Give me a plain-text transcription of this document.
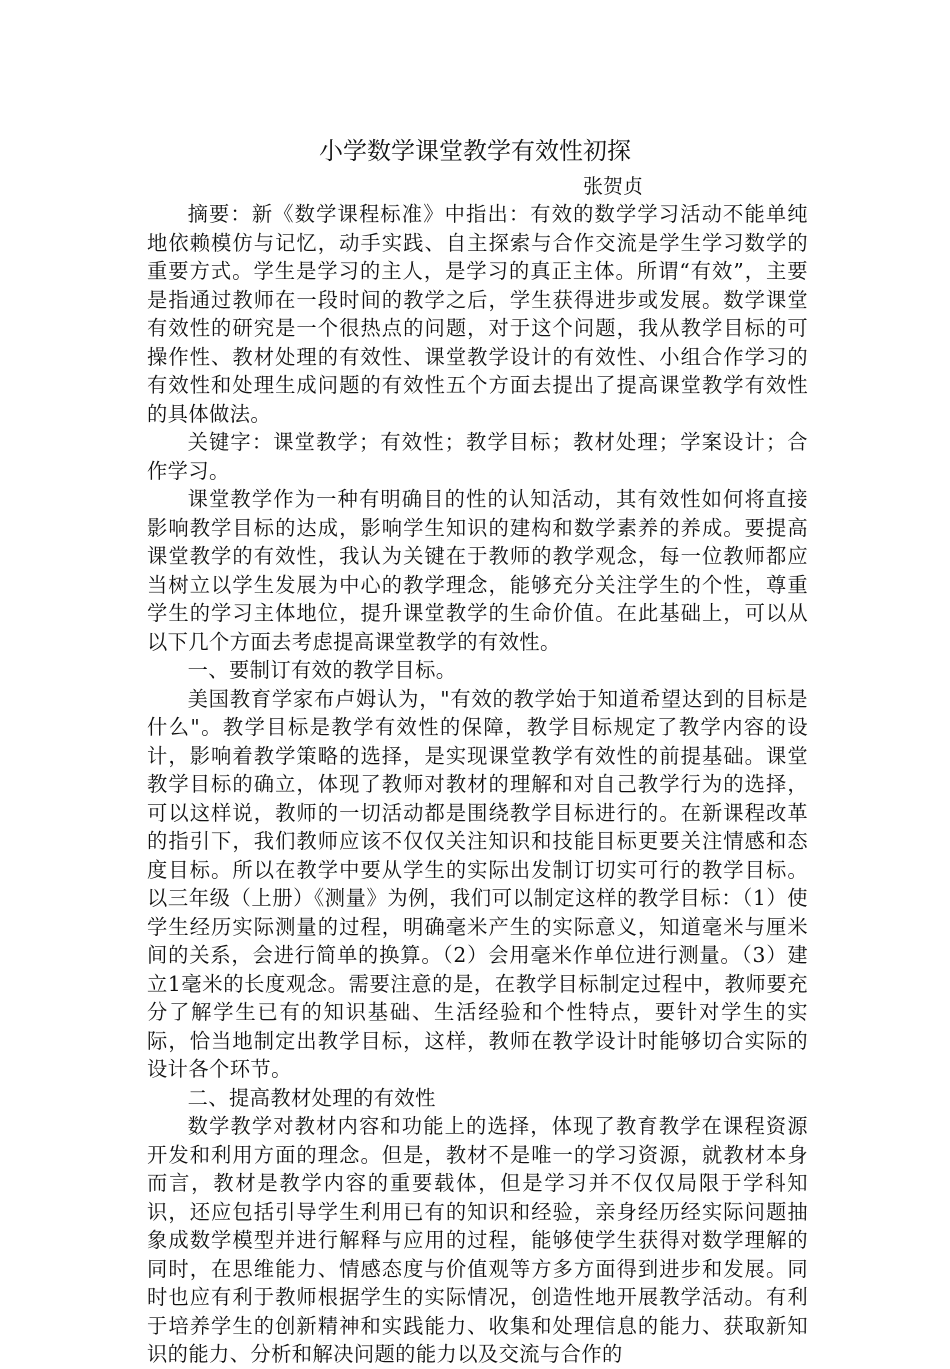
小学数学课堂教学有效性初探
张贺贞

摘要：新《数学课程标准》中指出：有效的数学学习活动不能单纯地依赖模仿与记忆，动手实践、自主探索与合作交流是学生学习数学的重要方式。学生是学习的主人，是学习的真正主体。所谓“有效”，主要是指通过教师在一段时间的教学之后，学生获得进步或发展。数学课堂有效性的研究是一个很热点的问题，对于这个问题，我从教学目标的可操作性、教材处理的有效性、课堂教学设计的有效性、小组合作学习的有效性和处理生成问题的有效性五个方面去提出了提高课堂教学有效性的具体做法。

关键字：课堂教学；有效性；教学目标；教材处理；学案设计；合作学习。

课堂教学作为一种有明确目的性的认知活动，其有效性如何将直接影响教学目标的达成，影响学生知识的建构和数学素养的养成。要提高课堂教学的有效性，我认为关键在于教师的教学观念，每一位教师都应当树立以学生发展为中心的教学理念，能够充分关注学生的个性，尊重学生的学习主体地位，提升课堂教学的生命价值。在此基础上，可以从以下几个方面去考虑提高课堂教学的有效性。

一、要制订有效的教学目标。

美国教育学家布卢姆认为，"有效的教学始于知道希望达到的目标是什么"。教学目标是教学有效性的保障，教学目标规定了教学内容的设计，影响着教学策略的选择，是实现课堂教学有效性的前提基础。课堂教学目标的确立，体现了教师对教材的理解和对自己教学行为的选择，可以这样说，教师的一切活动都是围绕教学目标进行的。在新课程改革的指引下，我们教师应该不仅仅关注知识和技能目标更要关注情感和态度目标。所以在教学中要从学生的实际出发制订切实可行的教学目标。以三年级（上册）《测量》为例，我们可以制定这样的教学目标：（1）使学生经历实际测量的过程，明确毫米产生的实际意义，知道毫米与厘米间的关系，会进行简单的换算。（2）会用毫米作单位进行测量。（3）建立1毫米的长度观念。需要注意的是，在教学目标制定过程中，教师要充分了解学生已有的知识基础、生活经验和个性特点，要针对学生的实际，恰当地制定出教学目标，这样，教师在教学设计时能够切合实际的设计各个环节。

二、提高教材处理的有效性

数学教学对教材内容和功能上的选择，体现了教育教学在课程资源开发和利用方面的理念。但是，教材不是唯一的学习资源，就教材本身而言，教材是教学内容的重要载体，但是学习并不仅仅局限于学科知识，还应包括引导学生利用已有的知识和经验，亲身经历经实际问题抽象成数学模型并进行解释与应用的过程，能够使学生获得对数学理解的同时，在思维能力、情感态度与价值观等方多方面得到进步和发展。同时也应有利于教师根据学生的实际情况，创造性地开展教学活动。有利于培养学生的创新精神和实践能力、收集和处理信息的能力、获取新知识的能力、分析和解决问题的能力以及交流与合作的
